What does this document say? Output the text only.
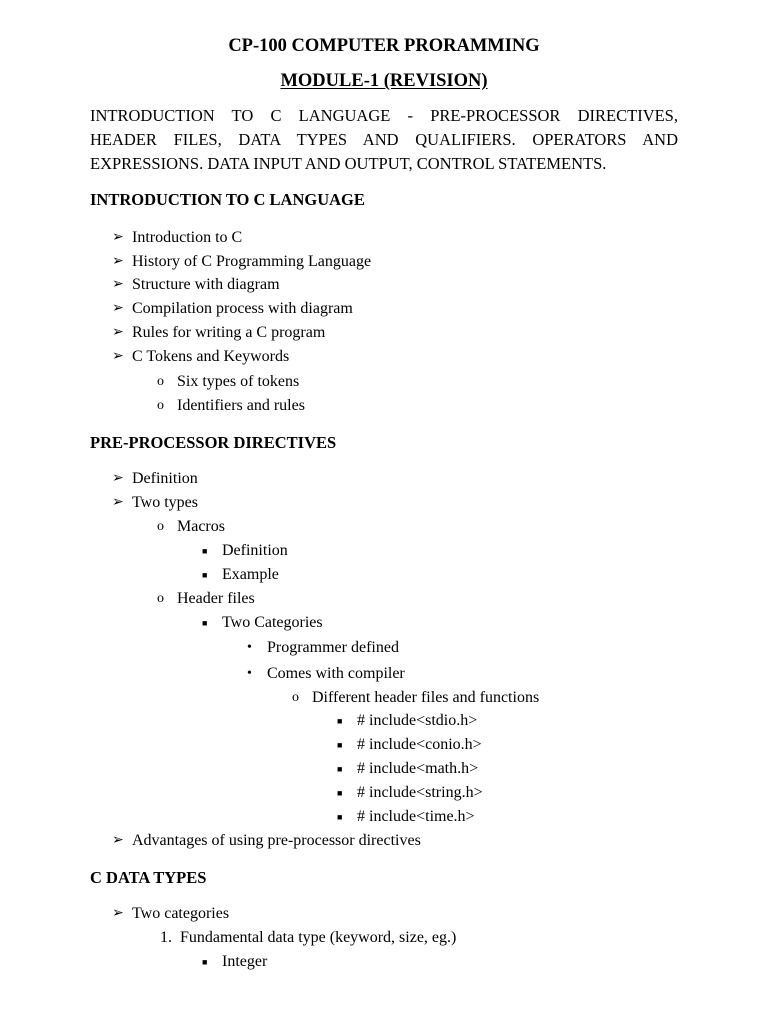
CP-100 COMPUTER PRORAMMING
MODULE-1 (REVISION)

INTRODUCTION TO C LANGUAGE - PRE-PROCESSOR DIRECTIVES,
HEADER FILES, DATA TYPES AND QUALIFIERS. OPERATORS AND
EXPRESSIONS. DATA INPUT AND OUTPUT, CONTROL STATEMENTS.

INTRODUCTION TO C LANGUAGE
➢ Introduction to C
➢ History of C Programming Language
➢ Structure with diagram
➢ Compilation process with diagram
➢ Rules for writing a C program
➢ C Tokens and Keywords
o Six types of tokens
o Identifiers and rules
PRE-PROCESSOR DIRECTIVES
➢ Definition
➢ Two types
o Macros
■ Definition
■ Example
o Header files
■ Two Categories
• Programmer defined
• Comes with compiler
o Different header files and functions
■ # include<stdio.h>
■ # include<conio.h>
■ # include<math.h>
■ # include<string.h>
■ # include<time.h>
➢ Advantages of using pre-processor directives
C DATA TYPES
➢ Two categories
1. Fundamental data type (keyword, size, eg.)
■ Integer
